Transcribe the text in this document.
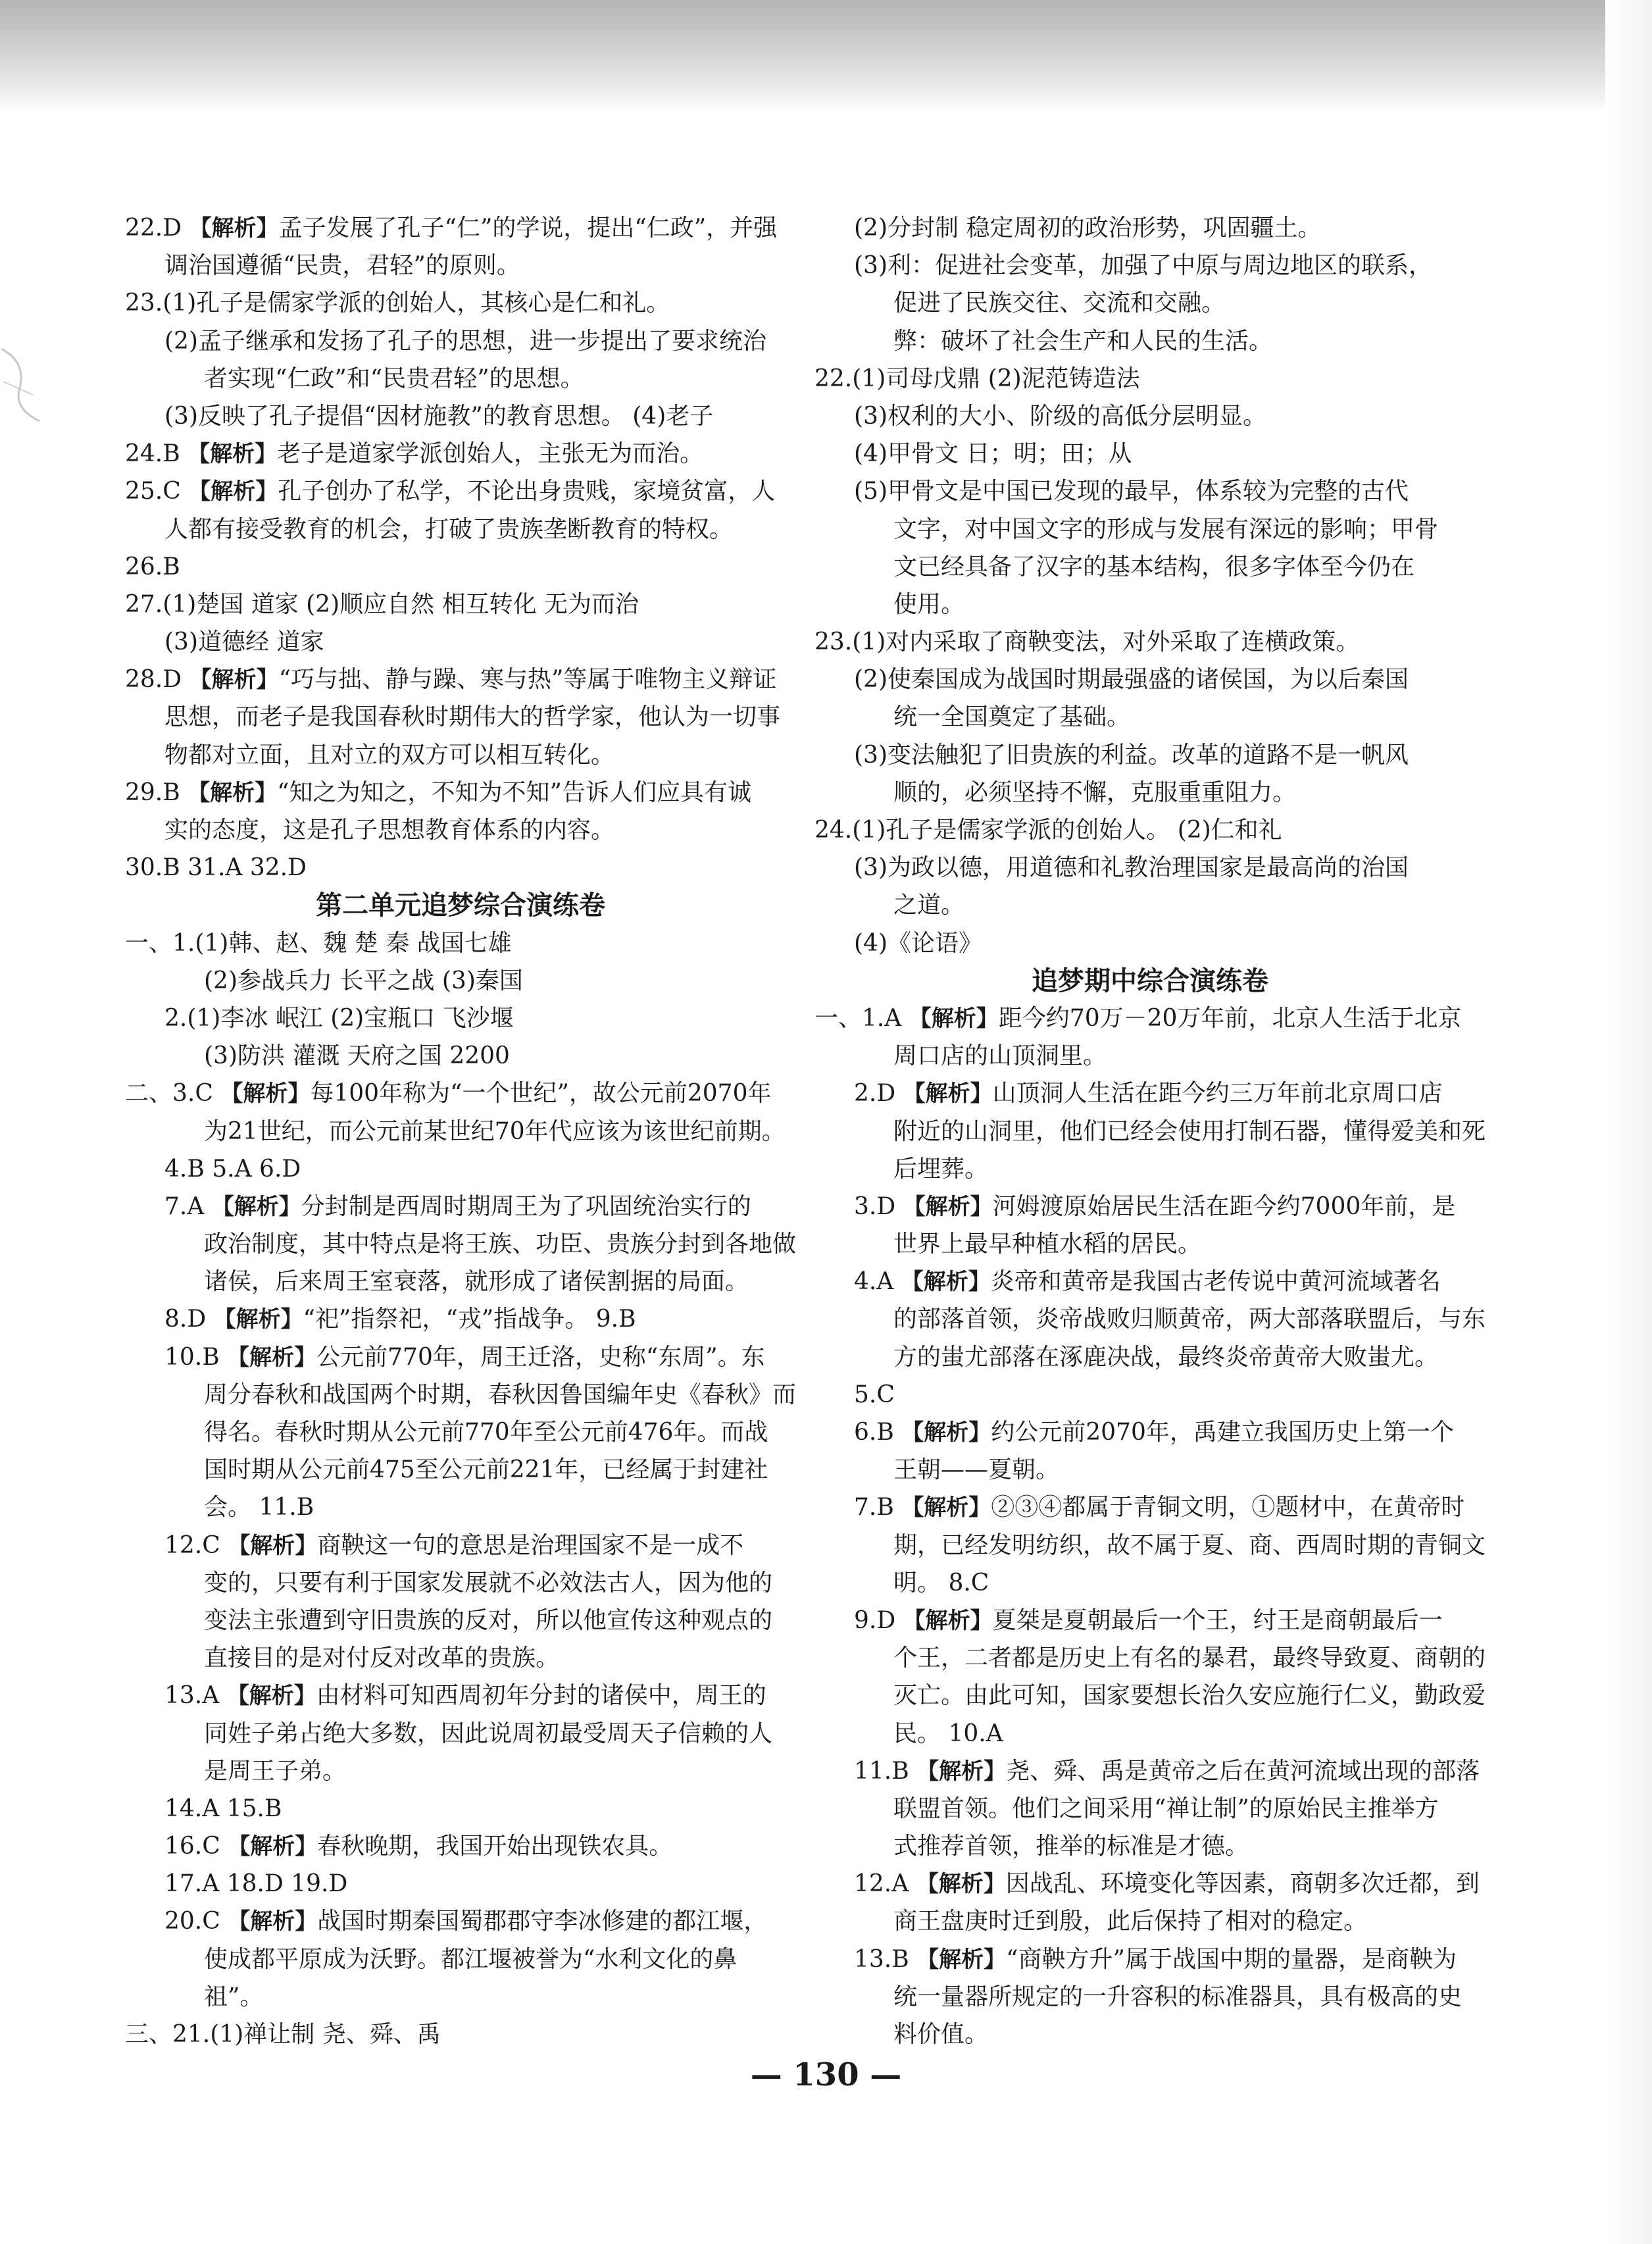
22.D 【解析】孟子发展了孔子“仁”的学说，提出“仁政”，并强
调治国遵循“民贵，君轻”的原则。
23.(1)孔子是儒家学派的创始人，其核心是仁和礼。
(2)孟子继承和发扬了孔子的思想，进一步提出了要求统治
者实现“仁政”和“民贵君轻”的思想。
(3)反映了孔子提倡“因材施教”的教育思想。 (4)老子
24.B 【解析】老子是道家学派创始人，主张无为而治。
25.C 【解析】孔子创办了私学，不论出身贵贱，家境贫富，人
人都有接受教育的机会，打破了贵族垄断教育的特权。
26.B
27.(1)楚国 道家 (2)顺应自然 相互转化 无为而治
(3)道德经 道家
28.D 【解析】“巧与拙、静与躁、寒与热”等属于唯物主义辩证
思想，而老子是我国春秋时期伟大的哲学家，他认为一切事
物都对立面，且对立的双方可以相互转化。
29.B 【解析】“知之为知之，不知为不知”告诉人们应具有诚
实的态度，这是孔子思想教育体系的内容。
30.B 31.A 32.D
第二单元追梦综合演练卷
一、1.(1)韩、赵、魏 楚 秦 战国七雄
(2)参战兵力 长平之战 (3)秦国
2.(1)李冰 岷江 (2)宝瓶口 飞沙堰
(3)防洪 灌溉 天府之国 2200
二、3.C 【解析】每100年称为“一个世纪”，故公元前2070年
为21世纪，而公元前某世纪70年代应该为该世纪前期。
4.B 5.A 6.D
7.A 【解析】分封制是西周时期周王为了巩固统治实行的
政治制度，其中特点是将王族、功臣、贵族分封到各地做
诸侯，后来周王室衰落，就形成了诸侯割据的局面。
8.D 【解析】“祀”指祭祀，“戎”指战争。 9.B
10.B 【解析】公元前770年，周王迁洛，史称“东周”。东
周分春秋和战国两个时期，春秋因鲁国编年史《春秋》而
得名。春秋时期从公元前770年至公元前476年。而战
国时期从公元前475至公元前221年，已经属于封建社
会。 11.B
12.C 【解析】商鞅这一句的意思是治理国家不是一成不
变的，只要有利于国家发展就不必效法古人，因为他的
变法主张遭到守旧贵族的反对，所以他宣传这种观点的
直接目的是对付反对改革的贵族。
13.A 【解析】由材料可知西周初年分封的诸侯中，周王的
同姓子弟占绝大多数，因此说周初最受周天子信赖的人
是周王子弟。
14.A 15.B
16.C 【解析】春秋晚期，我国开始出现铁农具。
17.A 18.D 19.D
20.C 【解析】战国时期秦国蜀郡郡守李冰修建的都江堰，
使成都平原成为沃野。都江堰被誉为“水利文化的鼻
祖”。
三、21.(1)禅让制 尧、舜、禹
(2)分封制 稳定周初的政治形势，巩固疆土。
(3)利：促进社会变革，加强了中原与周边地区的联系，
促进了民族交往、交流和交融。
弊：破坏了社会生产和人民的生活。
22.(1)司母戊鼎 (2)泥范铸造法
(3)权利的大小、阶级的高低分层明显。
(4)甲骨文 日；明；田；从
(5)甲骨文是中国已发现的最早，体系较为完整的古代
文字，对中国文字的形成与发展有深远的影响；甲骨
文已经具备了汉字的基本结构，很多字体至今仍在
使用。
23.(1)对内采取了商鞅变法，对外采取了连横政策。
(2)使秦国成为战国时期最强盛的诸侯国，为以后秦国
统一全国奠定了基础。
(3)变法触犯了旧贵族的利益。改革的道路不是一帆风
顺的，必须坚持不懈，克服重重阻力。
24.(1)孔子是儒家学派的创始人。 (2)仁和礼
(3)为政以德，用道德和礼教治理国家是最高尚的治国
之道。
(4)《论语》
追梦期中综合演练卷
一、1.A 【解析】距今约70万－20万年前，北京人生活于北京
周口店的山顶洞里。
2.D 【解析】山顶洞人生活在距今约三万年前北京周口店
附近的山洞里，他们已经会使用打制石器，懂得爱美和死
后埋葬。
3.D 【解析】河姆渡原始居民生活在距今约7000年前，是
世界上最早种植水稻的居民。
4.A 【解析】炎帝和黄帝是我国古老传说中黄河流域著名
的部落首领，炎帝战败归顺黄帝，两大部落联盟后，与东
方的蚩尤部落在涿鹿决战，最终炎帝黄帝大败蚩尤。
5.C
6.B 【解析】约公元前2070年，禹建立我国历史上第一个
王朝——夏朝。
7.B 【解析】②③④都属于青铜文明，①题材中，在黄帝时
期，已经发明纺织，故不属于夏、商、西周时期的青铜文
明。 8.C
9.D 【解析】夏桀是夏朝最后一个王，纣王是商朝最后一
个王，二者都是历史上有名的暴君，最终导致夏、商朝的
灭亡。由此可知，国家要想长治久安应施行仁义，勤政爱
民。 10.A
11.B 【解析】尧、舜、禹是黄帝之后在黄河流域出现的部落
联盟首领。他们之间采用“禅让制”的原始民主推举方
式推荐首领，推举的标准是才德。
12.A 【解析】因战乱、环境变化等因素，商朝多次迁都，到
商王盘庚时迁到殷，此后保持了相对的稳定。
13.B 【解析】“商鞅方升”属于战国中期的量器，是商鞅为
统一量器所规定的一升容积的标准器具，具有极高的史
料价值。
— 130 —
